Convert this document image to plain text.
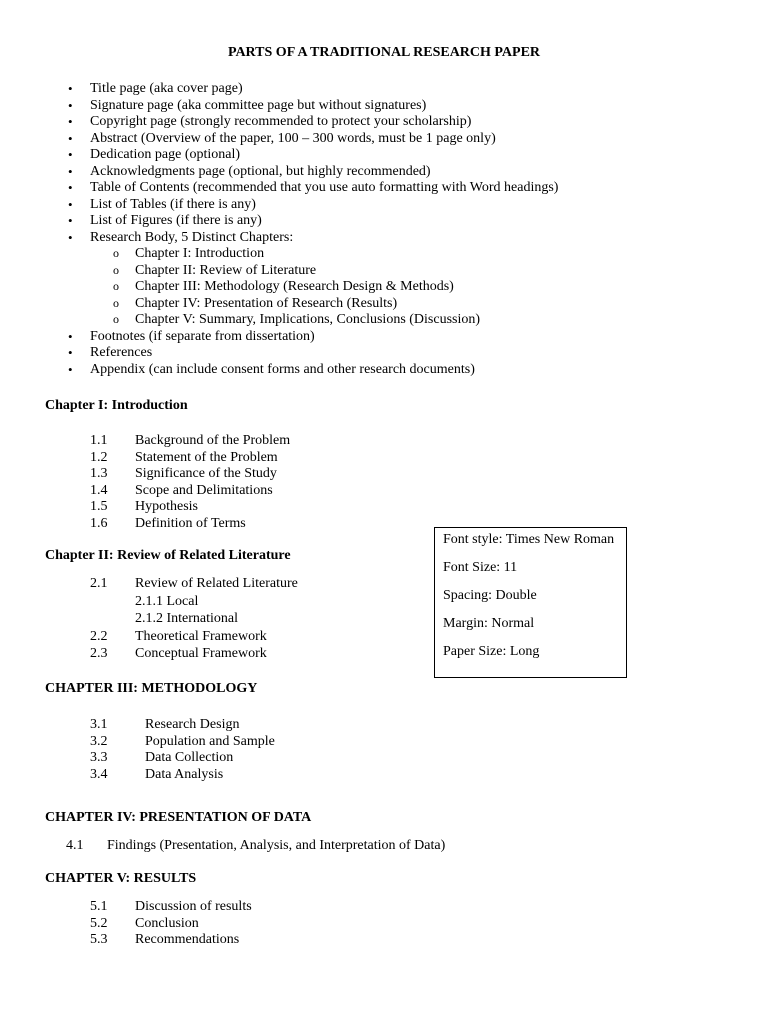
PARTS OF A TRADITIONAL RESEARCH PAPER
• Title page (aka cover page)
• Signature page (aka committee page but without signatures)
• Copyright page (strongly recommended to protect your scholarship)
• Abstract (Overview of the paper, 100 – 300 words, must be 1 page only)
• Dedication page (optional)
• Acknowledgments page (optional, but highly recommended)
• Table of Contents (recommended that you use auto formatting with Word headings)
• List of Tables (if there is any)
• List of Figures (if there is any)
• Research Body, 5 Distinct Chapters:
o Chapter I: Introduction
o Chapter II: Review of Literature
o Chapter III: Methodology (Research Design & Methods)
o Chapter IV: Presentation of Research (Results)
o Chapter V: Summary, Implications, Conclusions (Discussion)
• Footnotes (if separate from dissertation)
• References
• Appendix (can include consent forms and other research documents)
Chapter I: Introduction
1.1 Background of the Problem
1.2 Statement of the Problem
1.3 Significance of the Study
1.4 Scope and Delimitations
1.5 Hypothesis
1.6 Definition of Terms
Chapter II: Review of Related Literature
2.1 Review of Related Literature
2.1.1 Local
2.1.2 International
2.2 Theoretical Framework
2.3 Conceptual Framework
Font style: Times New Roman
Font Size: 11
Spacing: Double
Margin: Normal
Paper Size: Long
CHAPTER III: METHODOLOGY
3.1	Research Design
3.2	Population and Sample
3.3	Data Collection
3.4	Data Analysis
CHAPTER IV: PRESENTATION OF DATA
4.1 Findings (Presentation, Analysis, and Interpretation of Data)
CHAPTER V: RESULTS
5.1 Discussion of results
5.2 Conclusion
5.3 Recommendations
